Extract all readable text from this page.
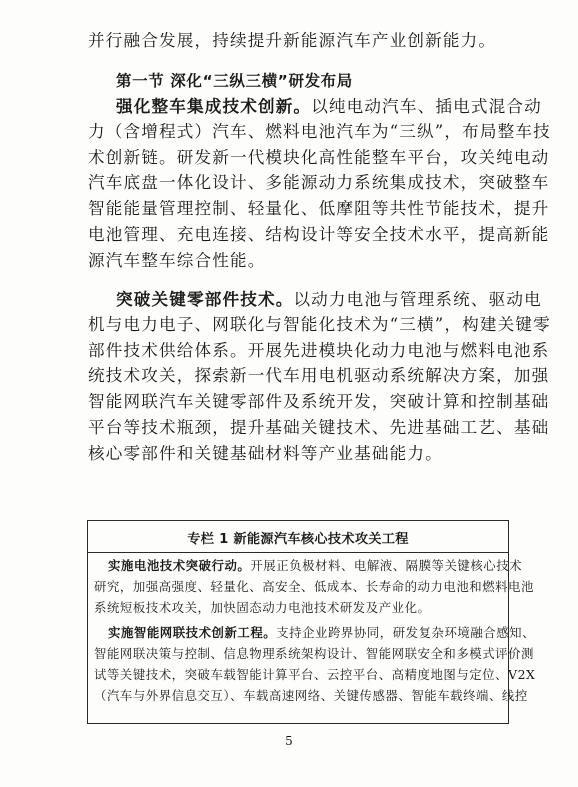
并行融合发展，持续提升新能源汽车产业创新能力。
第一节 深化“三纵三横”研发布局
强化整车集成技术创新。以纯电动汽车、插电式混合动
力（含增程式）汽车、燃料电池汽车为“三纵”，布局整车技
术创新链。研发新一代模块化高性能整车平台，攻关纯电动
汽车底盘一体化设计、多能源动力系统集成技术，突破整车
智能能量管理控制、轻量化、低摩阻等共性节能技术，提升
电池管理、充电连接、结构设计等安全技术水平，提高新能
源汽车整车综合性能。
突破关键零部件技术。以动力电池与管理系统、驱动电
机与电力电子、网联化与智能化技术为“三横”，构建关键零
部件技术供给体系。开展先进模块化动力电池与燃料电池系
统技术攻关，探索新一代车用电机驱动系统解决方案，加强
智能网联汽车关键零部件及系统开发，突破计算和控制基础
平台等技术瓶颈，提升基础关键技术、先进基础工艺、基础
核心零部件和关键基础材料等产业基础能力。
专栏 1 新能源汽车核心技术攻关工程
实施电池技术突破行动。开展正负极材料、电解液、隔膜等关键核心技术
研究，加强高强度、轻量化、高安全、低成本、长寿命的动力电池和燃料电池
系统短板技术攻关，加快固态动力电池技术研发及产业化。
实施智能网联技术创新工程。支持企业跨界协同，研发复杂环境融合感知、
智能网联决策与控制、信息物理系统架构设计、智能网联安全和多模式评价测
试等关键技术，突破车载智能计算平台、云控平台、高精度地图与定位、V2X
（汽车与外界信息交互）、车载高速网络、关键传感器、智能车载终端、线控
5
